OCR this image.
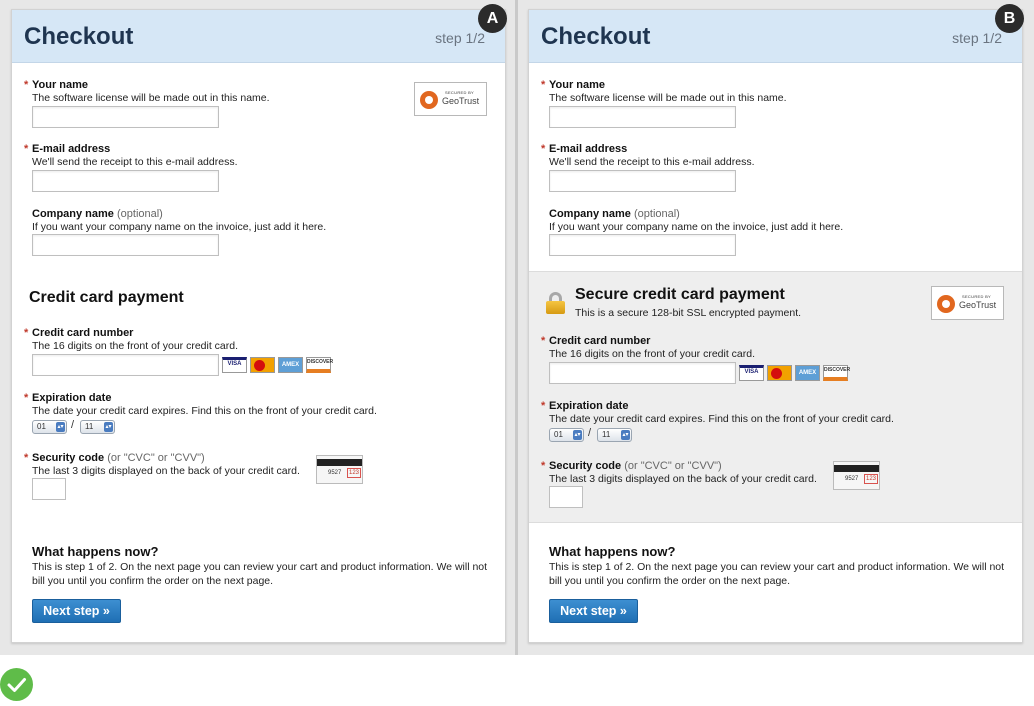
Checkout	step 1/2
A
* Your name
The software license will be made out in this name.	SECURED BY
GeoTrust
* E-mail address
We'll send the receipt to this e-mail address.
Company name (optional)
If you want your company name on the invoice, just add it here.
Credit card payment
* Credit card number
The 16 digits on the front of your credit card.
VISA	AMEX	DISCOVER
* Expiration date
The date your credit card expires. Find this on the front of your credit card.
01 ▴▾ /	11 ▴▾
* Security code (or "CVC" or "CVV")
The last 3 digits displayed on the back of your credit card.	9527	123
What happens now?
This is step 1 of 2. On the next page you can review your cart and product information. We will not bill you until you confirm the order on the next page.
Next step »
Checkout	step 1/2
B
* Your name
The software license will be made out in this name.
* E-mail address
We'll send the receipt to this e-mail address.
Company name (optional)
If you want your company name on the invoice, just add it here.
Secure credit card payment
This is a secure 128-bit SSL encrypted payment.
SECURED BY
GeoTrust
* Credit card number
The 16 digits on the front of your credit card.
VISA	AMEX	DISCOVER
* Expiration date
The date your credit card expires. Find this on the front of your credit card.
01 ▴▾ /	11 ▴▾
* Security code (or "CVC" or "CVV")
The last 3 digits displayed on the back of your credit card.	9527	123
What happens now?
This is step 1 of 2. On the next page you can review your cart and product information. We will not bill you until you confirm the order on the next page.
Next step »
